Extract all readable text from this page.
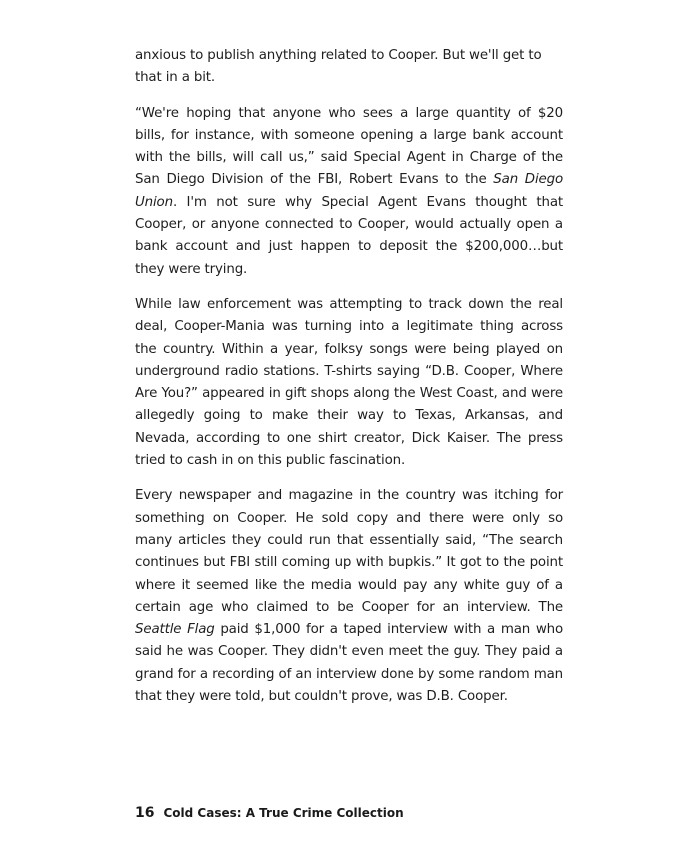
anxious to publish anything related to Cooper. But we'll get to that in a bit.

“We're hoping that anyone who sees a large quantity of $20 bills, for instance, with someone opening a large bank account with the bills, will call us,” said Special Agent in Charge of the San Diego Division of the FBI, Robert Evans to the San Diego Union. I'm not sure why Special Agent Evans thought that Cooper, or anyone connected to Cooper, would actually open a bank account and just happen to deposit the $200,000…but they were trying.

While law enforcement was attempting to track down the real deal, Cooper-Mania was turning into a legitimate thing across the country. Within a year, folksy songs were being played on underground radio stations. T-shirts saying “D.B. Cooper, Where Are You?” appeared in gift shops along the West Coast, and were allegedly going to make their way to Texas, Arkansas, and Nevada, according to one shirt creator, Dick Kaiser. The press tried to cash in on this public fascination.

Every newspaper and magazine in the country was itching for something on Cooper. He sold copy and there were only so many articles they could run that essentially said, “The search continues but FBI still coming up with bupkis.” It got to the point where it seemed like the media would pay any white guy of a certain age who claimed to be Cooper for an interview. The Seattle Flag paid $1,000 for a taped interview with a man who said he was Cooper. They didn't even meet the guy. They paid a grand for a recording of an interview done by some random man that they were told, but couldn't prove, was D.B. Cooper.

16 Cold Cases: A True Crime Collection
